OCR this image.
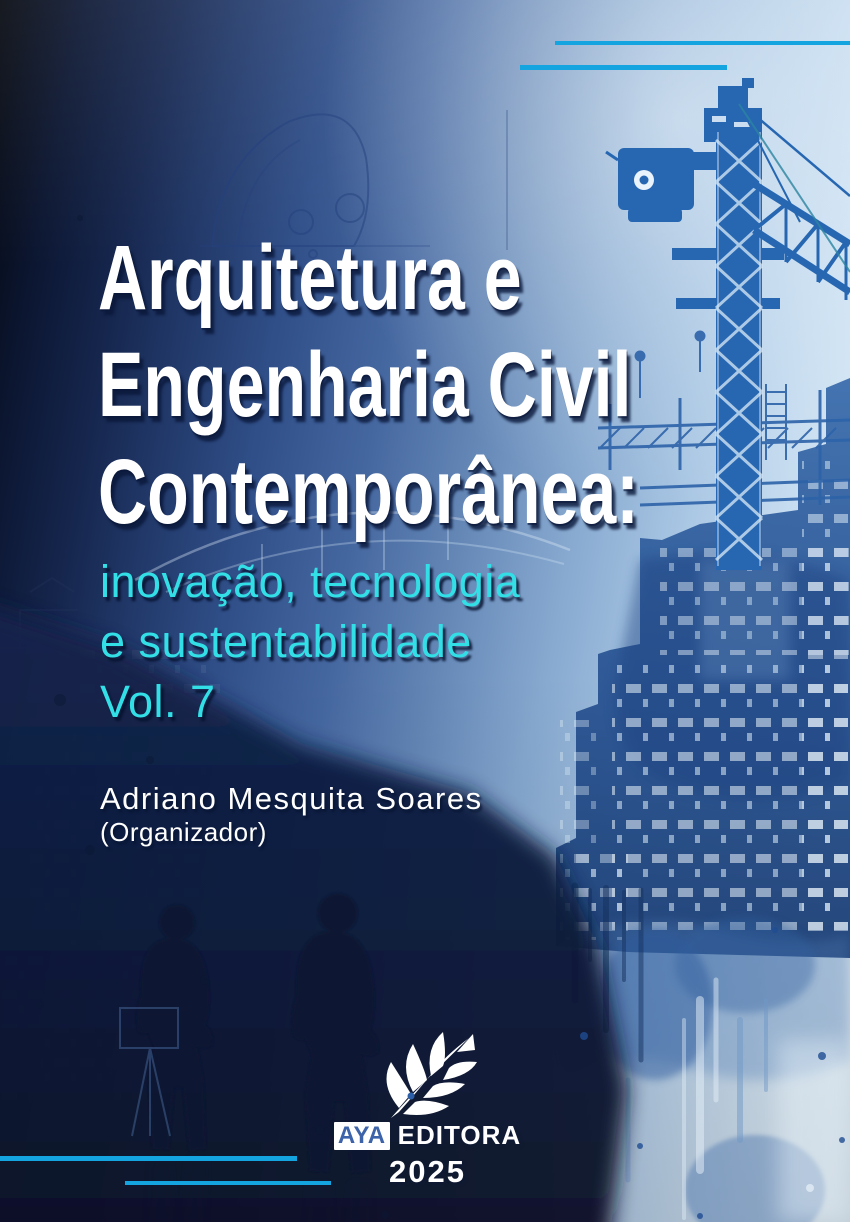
Arquitetura e
Engenharia Civil
Contemporânea:
inovação, tecnologia
e sustentabilidade
Vol. 7
Adriano Mesquita Soares
(Organizador)
AYA EDITORA
2025
